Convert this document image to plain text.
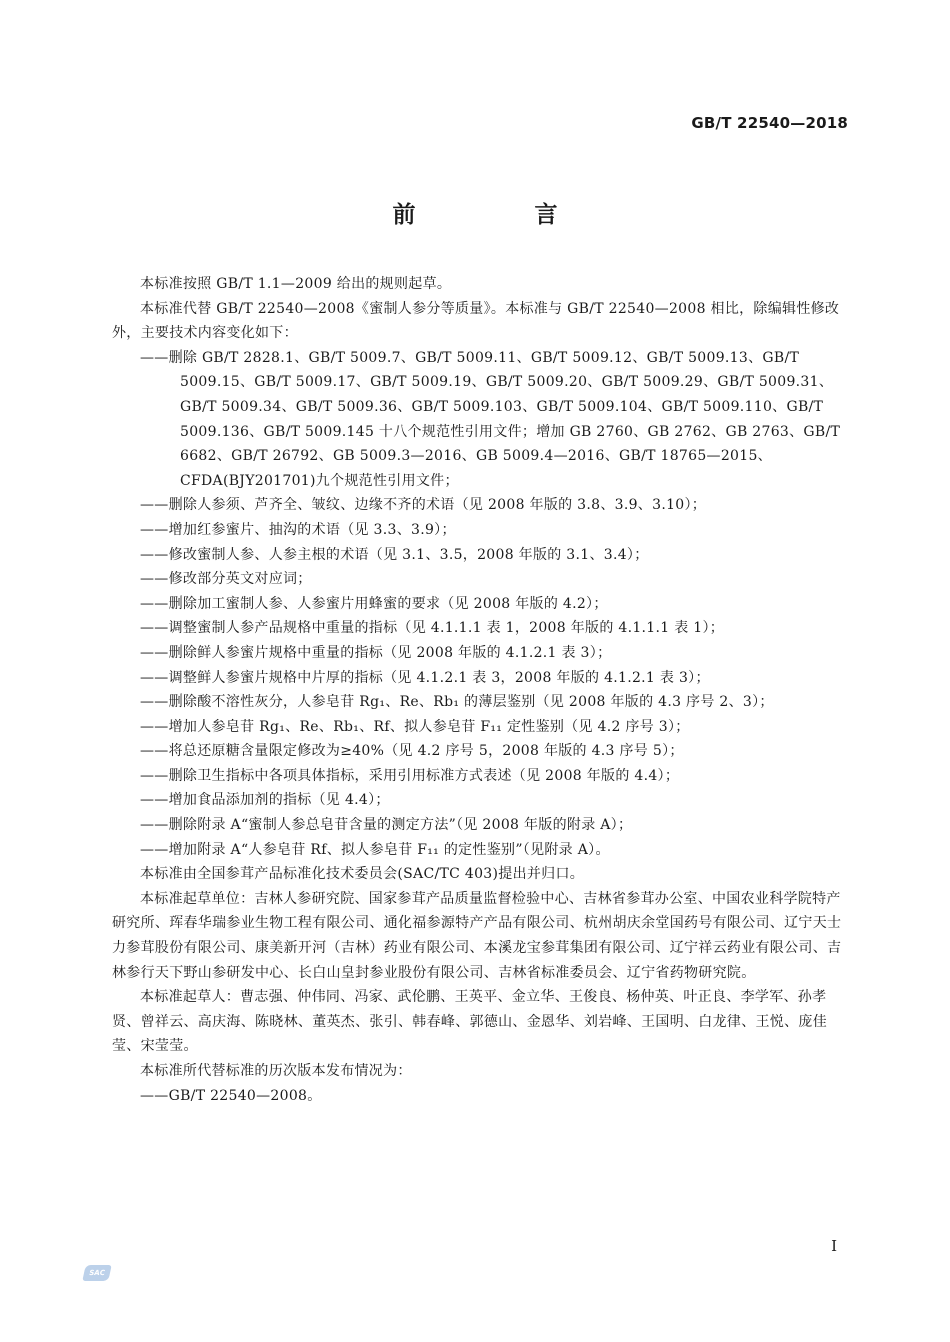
GB/T 22540—2018
前　言

本标准按照 GB/T 1.1—2009 给出的规则起草。

本标准代替 GB/T 22540—2008《蜜制人参分等质量》。本标准与 GB/T 22540—2008 相比，除编辑性修改外，主要技术内容变化如下：

——删除 GB/T 2828.1、GB/T 5009.7、GB/T 5009.11、GB/T 5009.12、GB/T 5009.13、GB/T 5009.15、GB/T 5009.17、GB/T 5009.19、GB/T 5009.20、GB/T 5009.29、GB/T 5009.31、GB/T 5009.34、GB/T 5009.36、GB/T 5009.103、GB/T 5009.104、GB/T 5009.110、GB/T 5009.136、GB/T 5009.145 十八个规范性引用文件；增加 GB 2760、GB 2762、GB 2763、GB/T 6682、GB/T 26792、GB 5009.3—2016、GB 5009.4—2016、GB/T 18765—2015、CFDA(BJY201701)九个规范性引用文件；

——删除人参须、芦齐全、皱纹、边缘不齐的术语（见 2008 年版的 3.8、3.9、3.10）；

——增加红参蜜片、抽沟的术语（见 3.3、3.9）；

——修改蜜制人参、人参主根的术语（见 3.1、3.5，2008 年版的 3.1、3.4）；

——修改部分英文对应词；

——删除加工蜜制人参、人参蜜片用蜂蜜的要求（见 2008 年版的 4.2）；

——调整蜜制人参产品规格中重量的指标（见 4.1.1.1 表 1，2008 年版的 4.1.1.1 表 1）；

——删除鲜人参蜜片规格中重量的指标（见 2008 年版的 4.1.2.1 表 3）；

——调整鲜人参蜜片规格中片厚的指标（见 4.1.2.1 表 3，2008 年版的 4.1.2.1 表 3）；

——删除酸不溶性灰分，人参皂苷 Rg₁、Re、Rb₁ 的薄层鉴别（见 2008 年版的 4.3 序号 2、3）；

——增加人参皂苷 Rg₁、Re、Rb₁、Rf、拟人参皂苷 F₁₁ 定性鉴别（见 4.2 序号 3）；

——将总还原糖含量限定修改为≥40%（见 4.2 序号 5，2008 年版的 4.3 序号 5）；

——删除卫生指标中各项具体指标，采用引用标准方式表述（见 2008 年版的 4.4）；

——增加食品添加剂的指标（见 4.4）；

——删除附录 A“蜜制人参总皂苷含量的测定方法”（见 2008 年版的附录 A）；

——增加附录 A“人参皂苷 Rf、拟人参皂苷 F₁₁ 的定性鉴别”（见附录 A）。

本标准由全国参茸产品标准化技术委员会(SAC/TC 403)提出并归口。

本标准起草单位：吉林人参研究院、国家参茸产品质量监督检验中心、吉林省参茸办公室、中国农业科学院特产研究所、珲春华瑞参业生物工程有限公司、通化福参源特产产品有限公司、杭州胡庆余堂国药号有限公司、辽宁天士力参茸股份有限公司、康美新开河（吉林）药业有限公司、本溪龙宝参茸集团有限公司、辽宁祥云药业有限公司、吉林参行天下野山参研发中心、长白山皇封参业股份有限公司、吉林省标准委员会、辽宁省药物研究院。

本标准起草人：曹志强、仲伟同、冯家、武伦鹏、王英平、金立华、王俊良、杨仲英、叶正良、李学军、孙孝贤、曾祥云、高庆海、陈晓林、董英杰、张引、韩春峰、郭德山、金恩华、刘岩峰、王国明、白龙律、王悦、庞佳莹、宋莹莹。

本标准所代替标准的历次版本发布情况为：

——GB/T 22540—2008。

I
SAC
